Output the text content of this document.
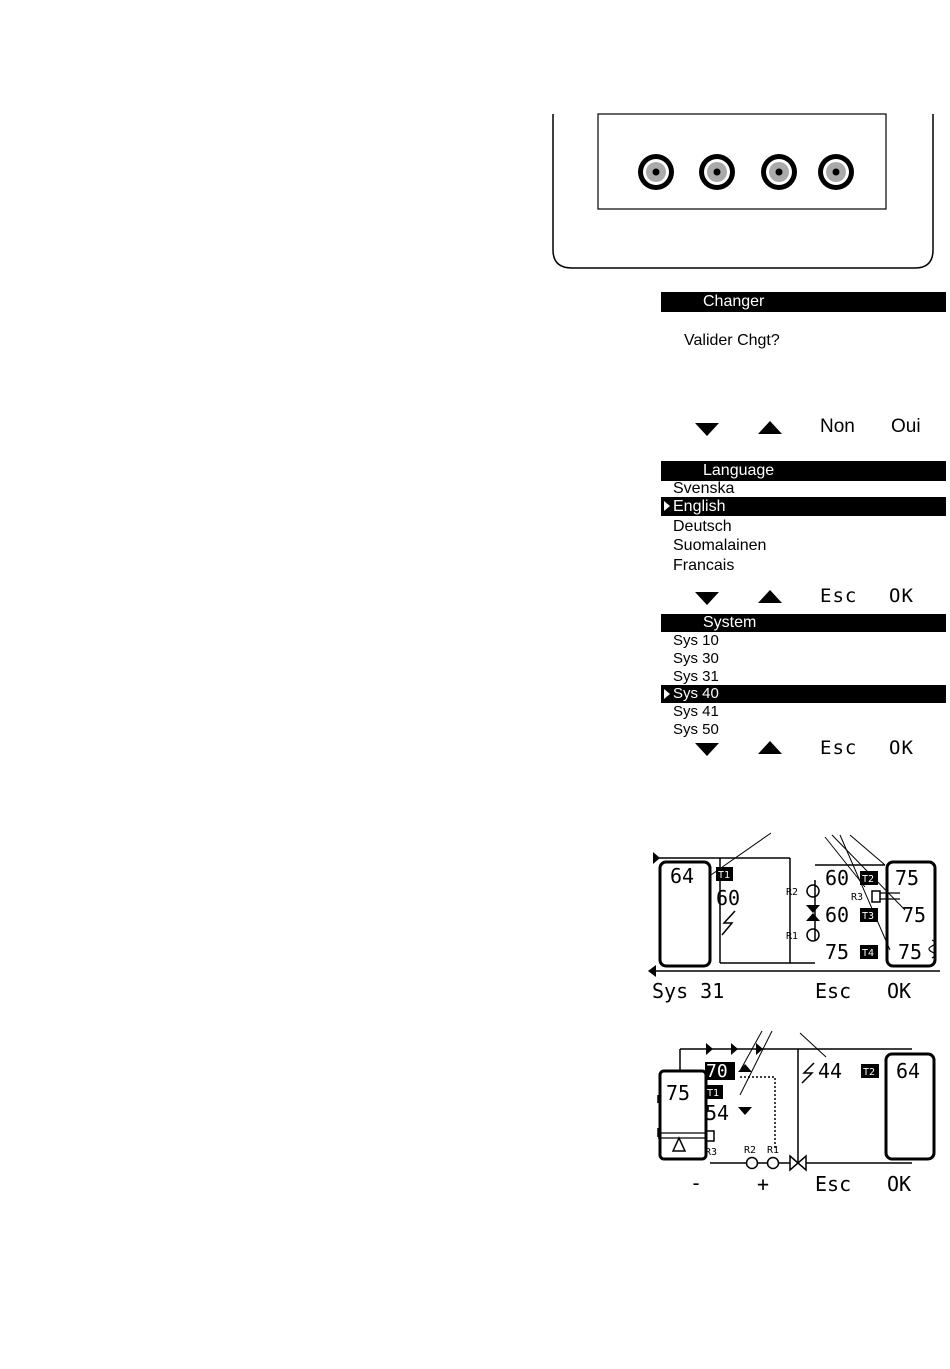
Changer
Valider Chgt?
Non Oui
Language
Svenska
English
Deutsch
Suomalainen
Francais
Esc OK
System
Sys 10
Sys 30
Sys 31
Sys 40
Sys 41
Sys 50
Esc OK
64 T1
60	R2
R1
60
60
75
T2
R3
T3
T4
75
75
75
Sys 31	Esc OK
75
70
T1
54
R3	R2 R1
44 T2 64
-	+ Esc OK
